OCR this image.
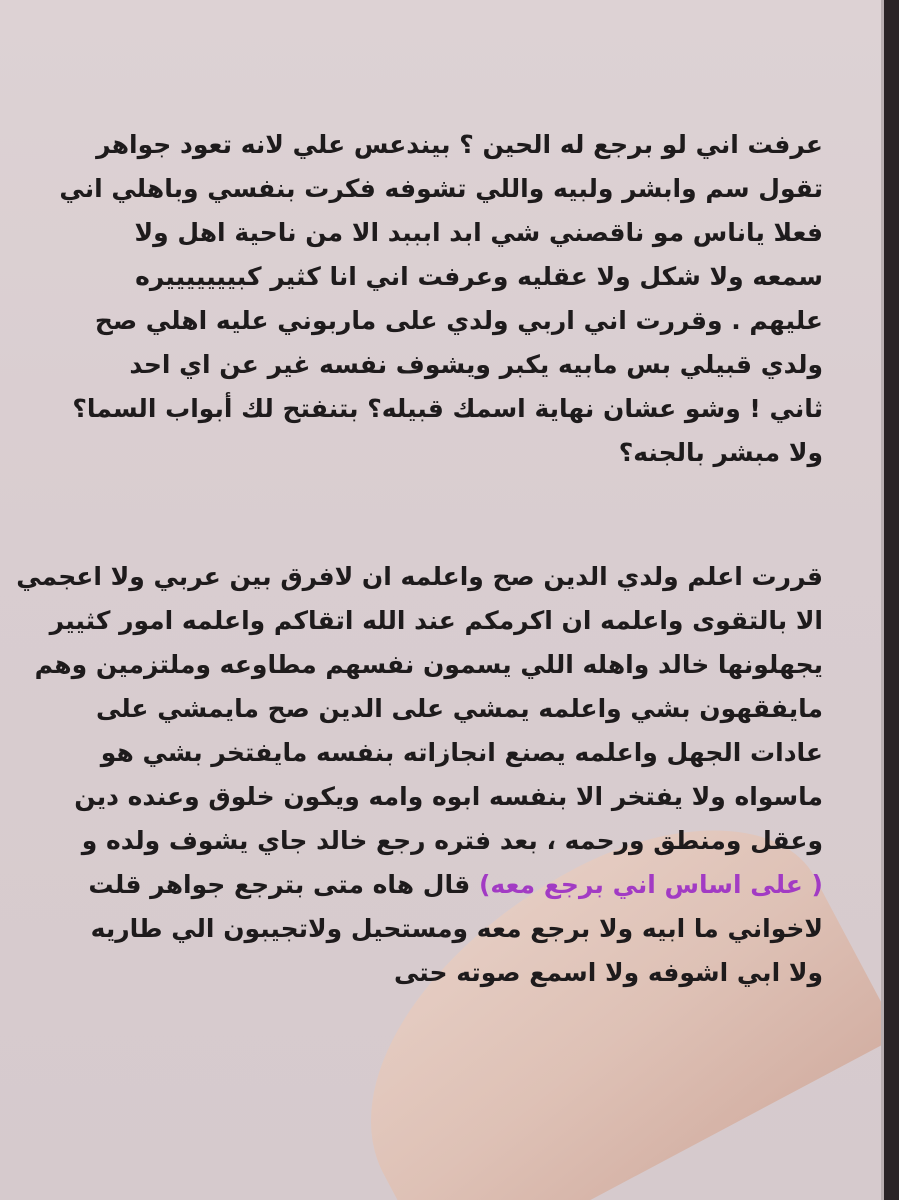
عرفت اني لو برجع له الحين ؟ بيندعس علي لانه تعود جواهر
تقول سم وابشر ولبيه واللي تشوفه فكرت بنفسي وباهلي اني
فعلا ياناس مو ناقصني شي ابد ابببد الا من ناحية اهل ولا
سمعه ولا شكل ولا عقليه وعرفت اني انا كثير كبيييييييره
عليهم . وقررت اني اربي ولدي على ماربوني عليه اهلي صح
ولدي قبيلي بس مابيه يكبر ويشوف نفسه غير عن اي احد
ثاني ! وشو عشان نهاية اسمك قبيله؟ بتنفتح لك أبواب السما؟
ولا مبشر بالجنه؟
قررت اعلم ولدي الدين صح واعلمه ان لافرق بين عربي ولا اعجمي
الا بالتقوى واعلمه ان اكرمكم عند الله اتقاكم واعلمه امور كثيير
يجهلونها خالد واهله اللي يسمون نفسهم مطاوعه وملتزمين وهم
مايفقهون بشي واعلمه يمشي على الدين صح مايمشي على
عادات الجهل واعلمه يصنع انجازاته بنفسه مايفتخر بشي هو
ماسواه ولا يفتخر الا بنفسه ابوه وامه ويكون خلوق وعنده دين
وعقل ومنطق ورحمه ، بعد فتره رجع خالد جاي يشوف ولده و
( على اساس اني برجع معه) قال هاه متى بترجع جواهر قلت
لاخواني ما ابيه ولا برجع معه ومستحيل ولاتجيبون الي طاريه
ولا ابي اشوفه ولا اسمع صوته حتى
